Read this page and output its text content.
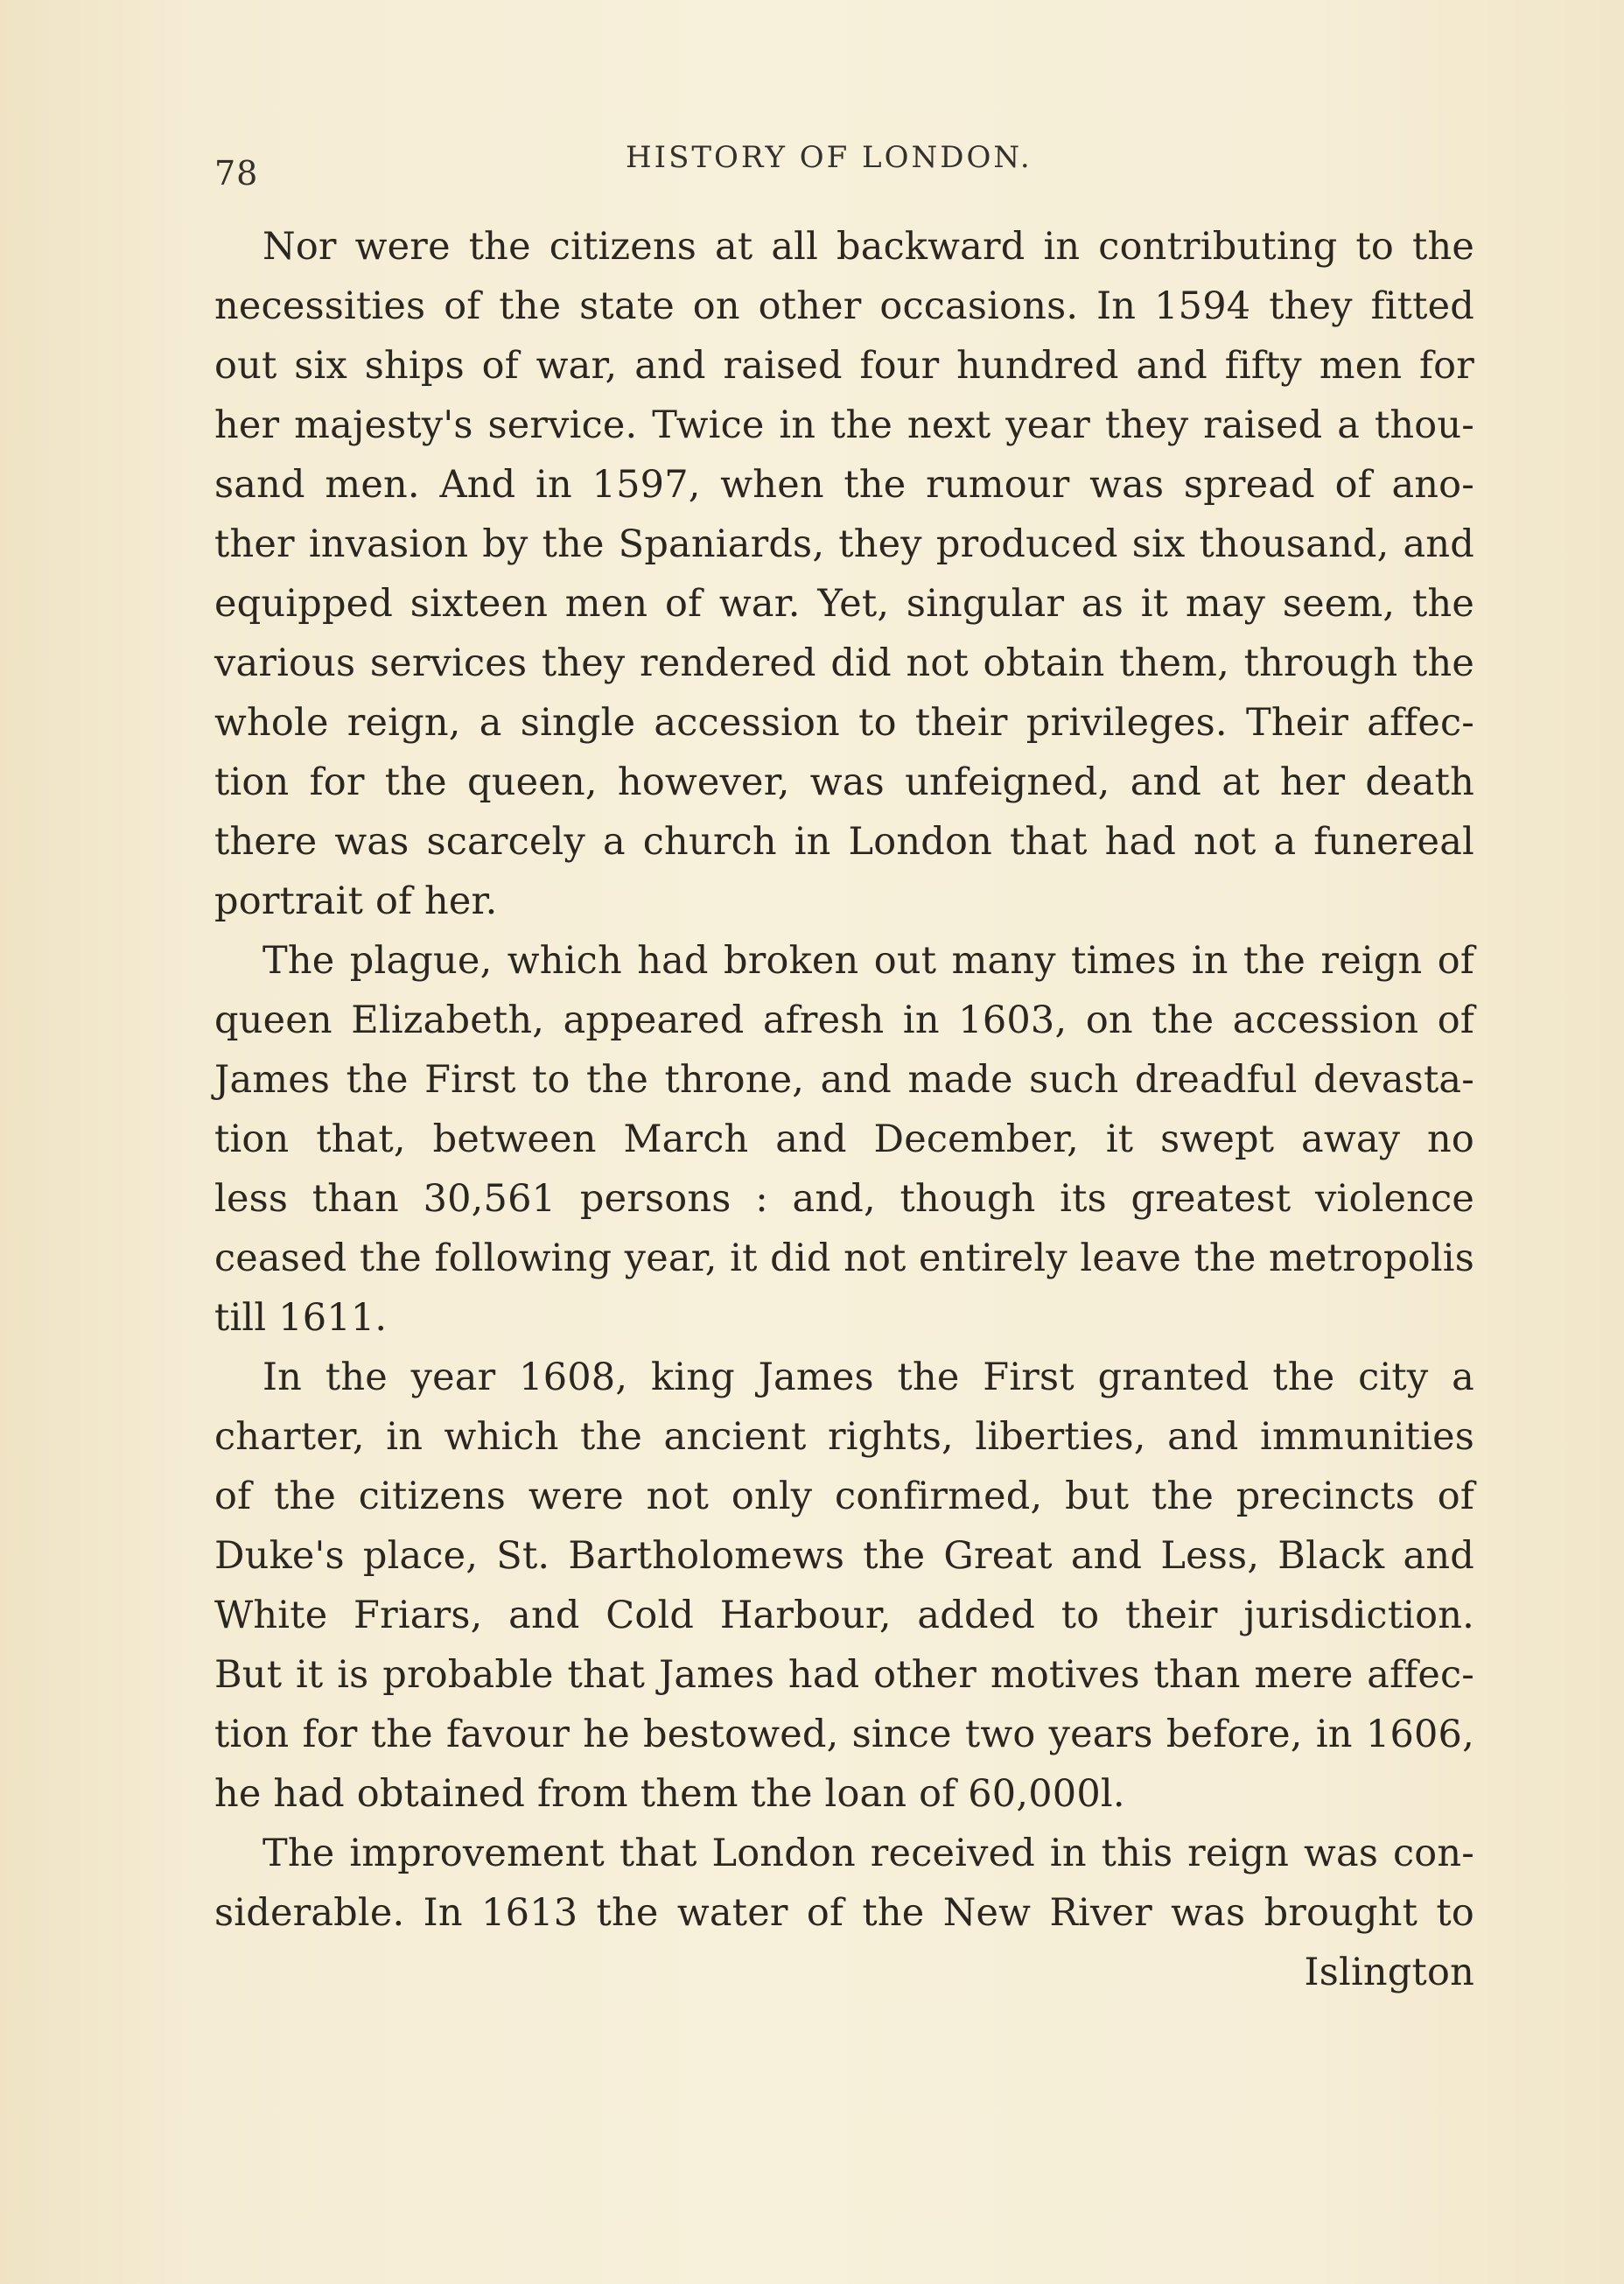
78	HISTORY OF LONDON.
Nor were the citizens at all backward in contributing to the
necessities of the state on other occasions. In 1594 they fitted
out six ships of war, and raised four hundred and fifty men for
her majesty's service. Twice in the next year they raised a thou-
sand men. And in 1597, when the rumour was spread of ano-
ther invasion by the Spaniards, they produced six thousand, and
equipped sixteen men of war. Yet, singular as it may seem, the
various services they rendered did not obtain them, through the
whole reign, a single accession to their privileges. Their affec-
tion for the queen, however, was unfeigned, and at her death
there was scarcely a church in London that had not a funereal
portrait of her.
The plague, which had broken out many times in the reign of
queen Elizabeth, appeared afresh in 1603, on the accession of
James the First to the throne, and made such dreadful devasta-
tion that, between March and December, it swept away no
less than 30,561 persons : and, though its greatest violence
ceased the following year, it did not entirely leave the metropolis
till 1611.
In the year 1608, king James the First granted the city a
charter, in which the ancient rights, liberties, and immunities
of the citizens were not only confirmed, but the precincts of
Duke's place, St. Bartholomews the Great and Less, Black and
White Friars, and Cold Harbour, added to their jurisdiction.
But it is probable that James had other motives than mere affec-
tion for the favour he bestowed, since two years before, in 1606,
he had obtained from them the loan of 60,000l.
The improvement that London received in this reign was con-
siderable. In 1613 the water of the New River was brought to
Islington
